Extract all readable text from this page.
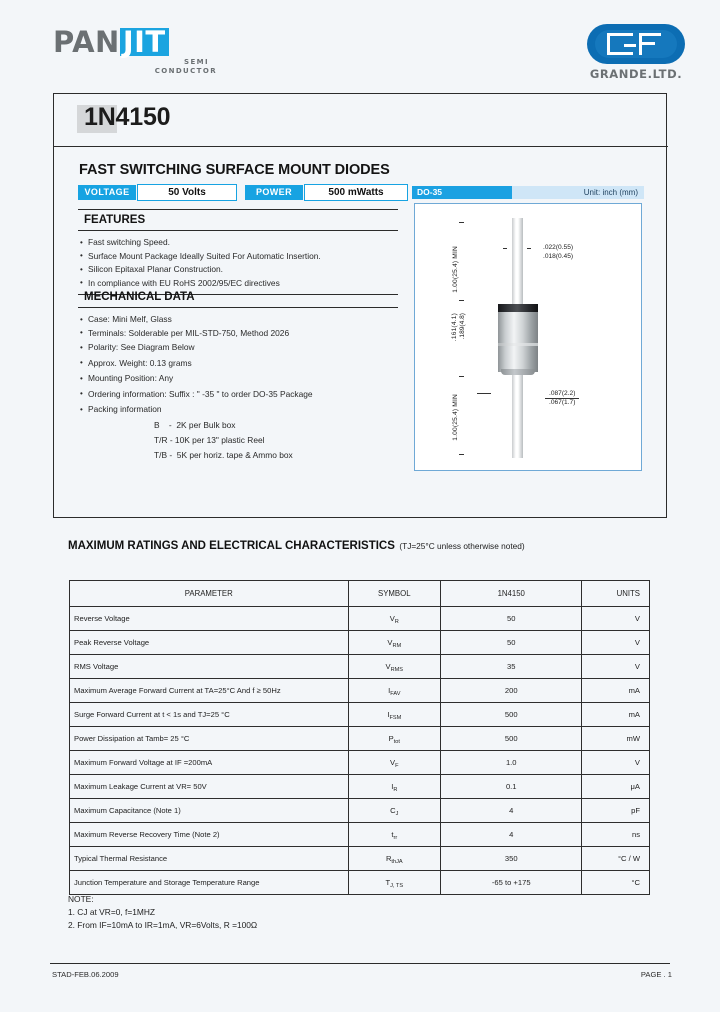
PAN JIT
SEMI
CONDUCTOR	GRANDE.LTD.
1N4150
FAST SWITCHING SURFACE MOUNT DIODES
VOLTAGE	50 Volts	POWER	500 mWatts
FEATURES
• Fast switching Speed.
• Surface Mount Package Ideally Suited For Automatic Insertion.
• Silicon Epitaxal Planar Construction.
• In compliance with EU RoHS 2002/95/EC directives
MECHANICAL DATA
• Case: Mini Melf, Glass
• Terminals: Solderable per MIL-STD-750, Method 2026
• Polarity: See Diagram Below
• Approx. Weight: 0.13 grams
• Mounting Position: Any
• Ordering information: Suffix : " -35 " to order DO-35 Package
• Packing information
B    -  2K per Bulk box
T/R - 10K per 13" plastic Reel
T/B -  5K per horiz. tape & Ammo box
DO-35	Unit: inch (mm)
1.00(25.4) MIN
1.00(25.4) MIN
.161(4.1) .189(4.8)
.022(0.55)
.018(0.45)
$\frac{.087(2.2)}{.067(1.7)}$
MAXIMUM RATINGS AND ELECTRICAL CHARACTERISTICS (TJ=25°C unless otherwise noted)
PARAMETER	SYMBOL	1N4150	UNITS
Reverse Voltage	$V_R$	50	V
Peak Reverse Voltage	$V_{RM}$	50	V
RMS Voltage	$V_{RMS}$	35	V
Maximum Average Forward Current at TA=25°C And f ≥ 50Hz	$I_{FAV}$	200	mA
Surge Forward Current at t < 1s and TJ=25 °C	$I_{FSM}$	500	mA
Power Dissipation at Tamb= 25 °C	$P_{tot}$	500	mW
Maximum Forward Voltage at IF =200mA	$V_F$	1.0	V
Maximum Leakage Current at VR= 50V	$I_R$	0.1	μA
Maximum Capacitance (Note 1)	$C_J$	4	pF
Maximum Reverse Recovery Time (Note 2)	$t_{rr}$	4	ns
Typical Thermal Resistance	$R_{thJA}$	350	°C / W
Junction Temperature and Storage Temperature Range	$T_{J, TS}$	-65 to +175	°C
NOTE:
1. CJ at VR=0, f=1MHZ
2. From IF=10mA to IR=1mA, VR=6Volts, R =100Ω
STAD-FEB.06.2009	PAGE . 1
